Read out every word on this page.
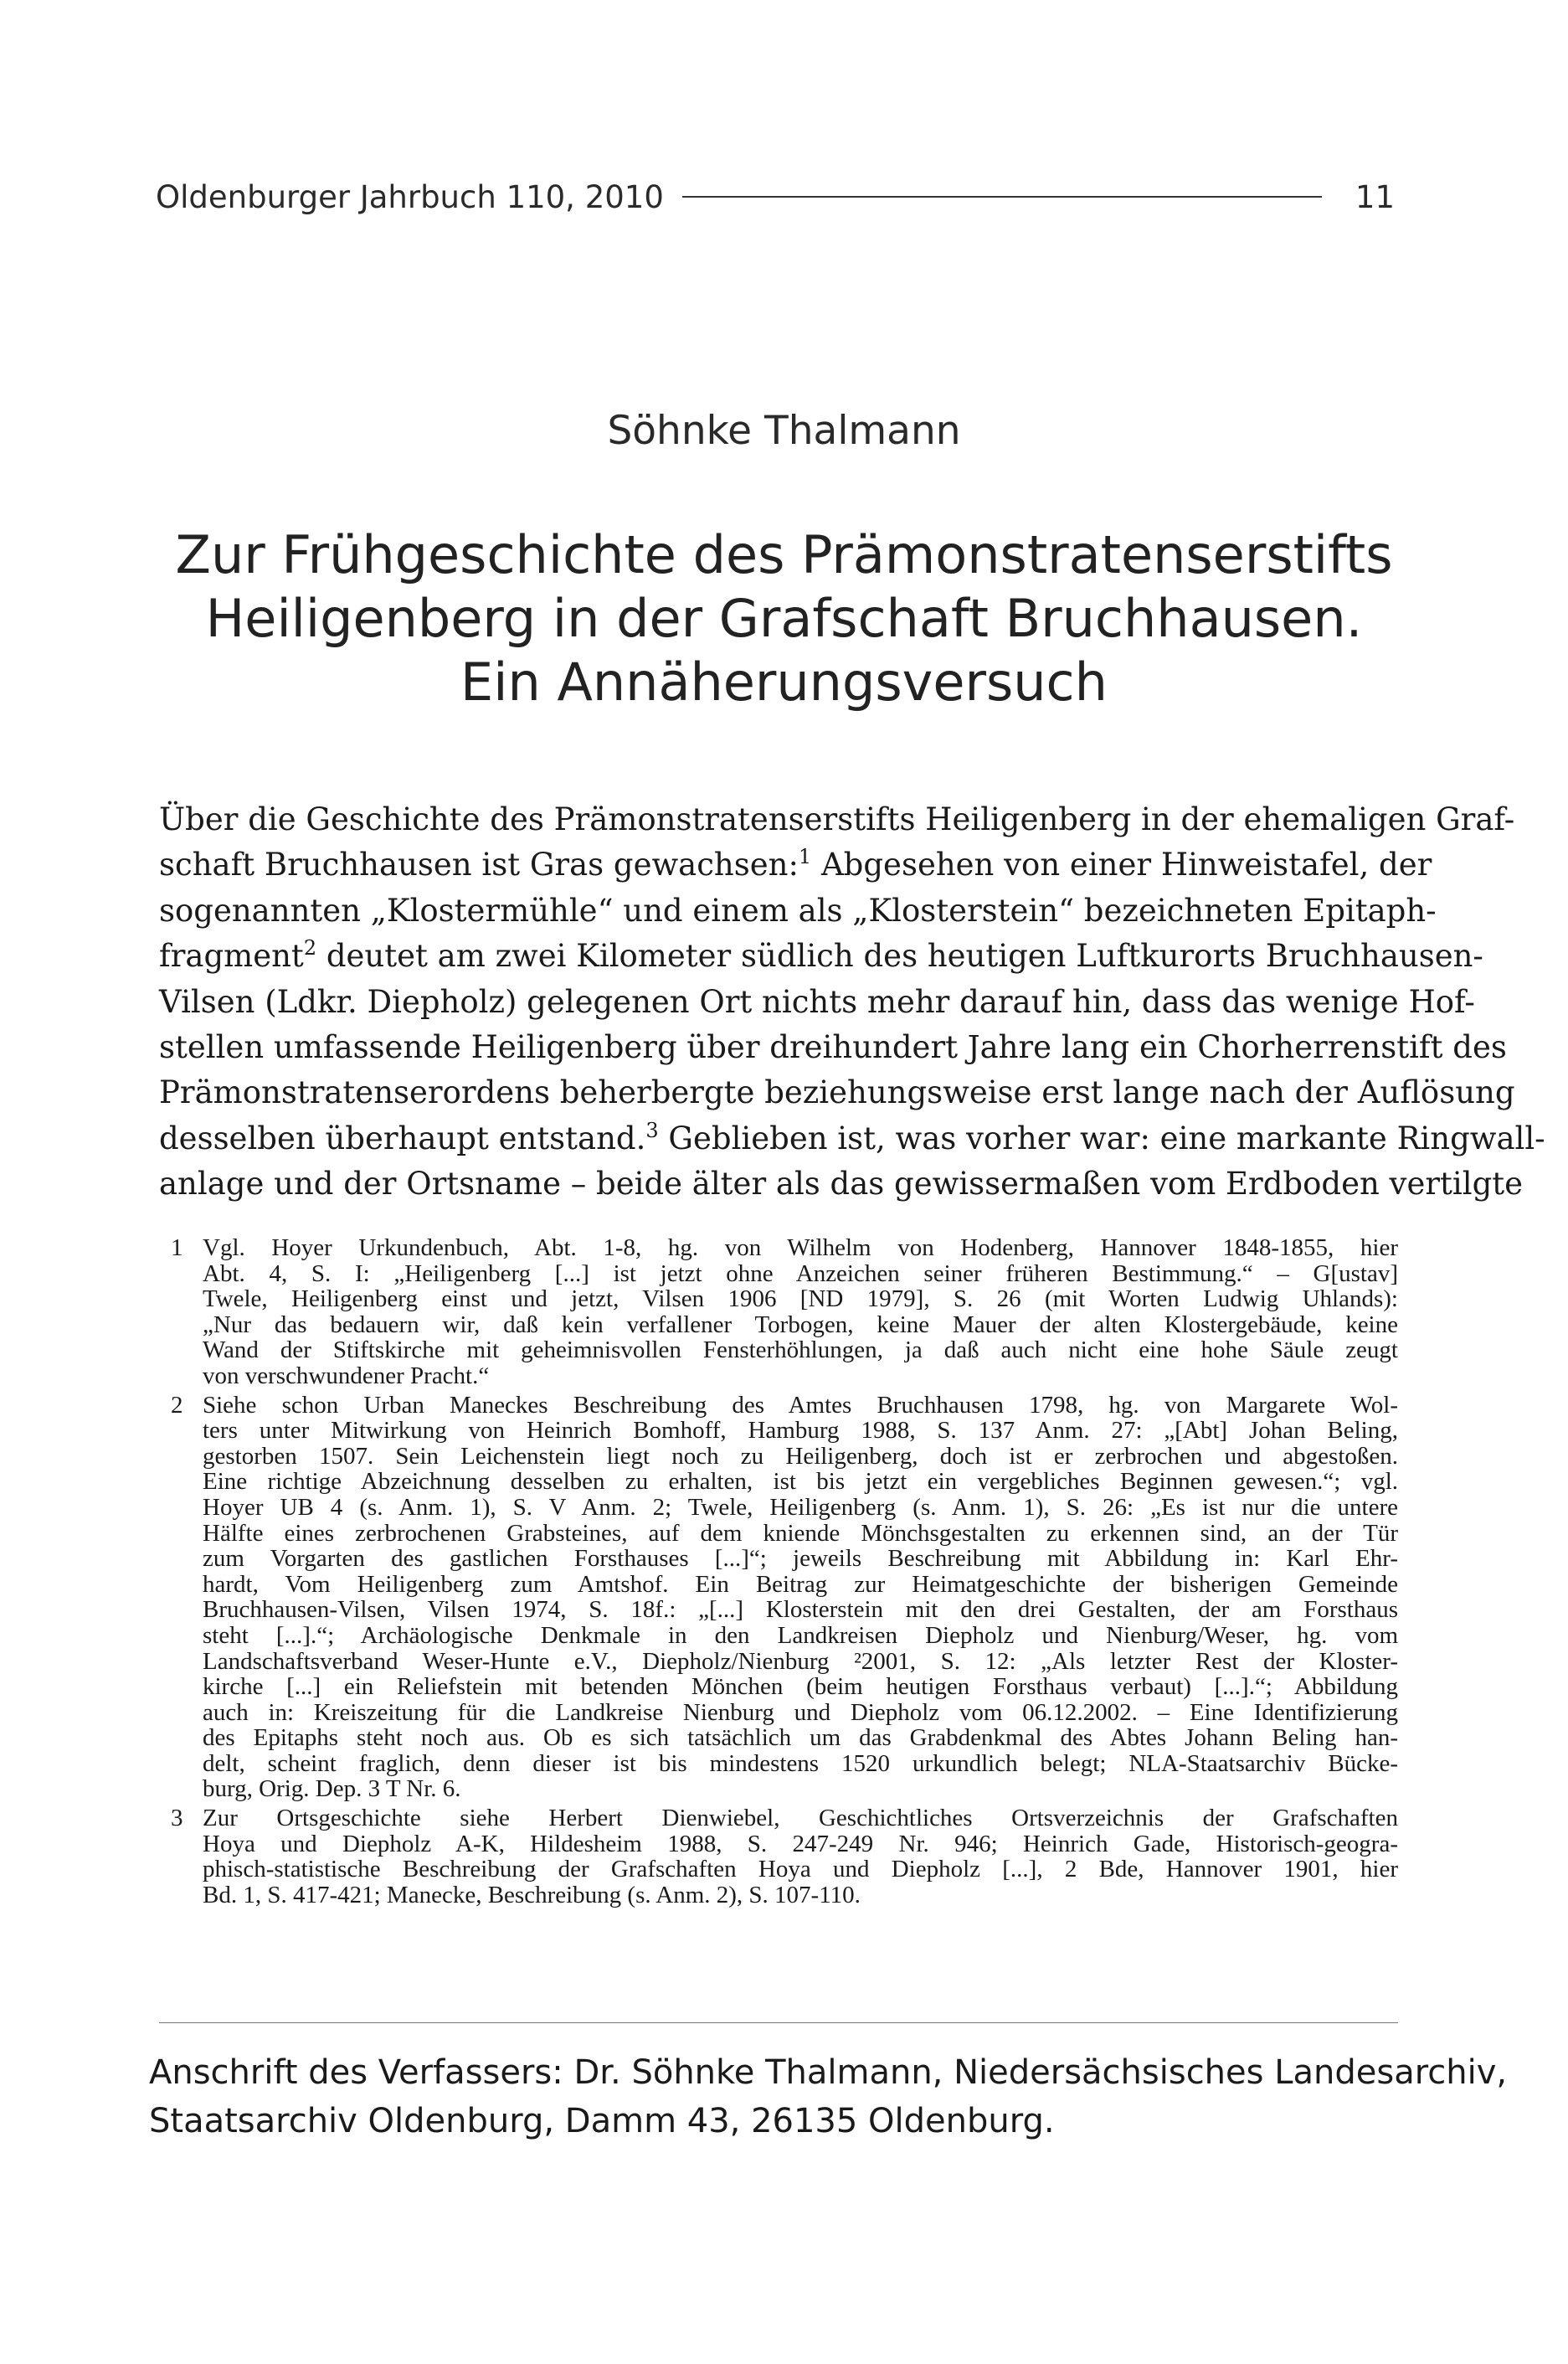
Oldenburger Jahrbuch 110, 2010	11
Söhnke Thalmann
Zur Frühgeschichte des Prämonstratenserstifts
Heiligenberg in der Grafschaft Bruchhausen.
Ein Annäherungsversuch
Über die Geschichte des Prämonstratenserstifts Heiligenberg in der ehemaligen Graf-
schaft Bruchhausen ist Gras gewachsen:$^1$ Abgesehen von einer Hinweistafel, der
sogenannten „Klostermühle“ und einem als „Klosterstein“ bezeichneten Epitaph-
fragment$^2$ deutet am zwei Kilometer südlich des heutigen Luftkurorts Bruchhausen-
Vilsen (Ldkr. Diepholz) gelegenen Ort nichts mehr darauf hin, dass das wenige Hof-
stellen umfassende Heiligenberg über dreihundert Jahre lang ein Chorherrenstift des
Prämonstratenserordens beherbergte beziehungsweise erst lange nach der Auflösung
desselben überhaupt entstand.$^3$ Geblieben ist, was vorher war: eine markante Ringwall-
anlage und der Ortsname – beide älter als das gewissermaßen vom Erdboden vertilgte
1 Vgl. Hoyer Urkundenbuch, Abt. 1-8, hg. von Wilhelm von Hodenberg, Hannover 1848-1855, hier
Abt. 4, S. I: „Heiligenberg [...] ist jetzt ohne Anzeichen seiner früheren Bestimmung.“ – G[ustav]
Twele, Heiligenberg einst und jetzt, Vilsen 1906 [ND 1979], S. 26 (mit Worten Ludwig Uhlands):
„Nur das bedauern wir, daß kein verfallener Torbogen, keine Mauer der alten Klostergebäude, keine
Wand der Stiftskirche mit geheimnisvollen Fensterhöhlungen, ja daß auch nicht eine hohe Säule zeugt
von verschwundener Pracht.“
2 Siehe schon Urban Maneckes Beschreibung des Amtes Bruchhausen 1798, hg. von Margarete Wol-
ters unter Mitwirkung von Heinrich Bomhoff, Hamburg 1988, S. 137 Anm. 27: „[Abt] Johan Beling,
gestorben 1507. Sein Leichenstein liegt noch zu Heiligenberg, doch ist er zerbrochen und abgestoßen.
Eine richtige Abzeichnung desselben zu erhalten, ist bis jetzt ein vergebliches Beginnen gewesen.“; vgl.
Hoyer UB 4 (s. Anm. 1), S. V Anm. 2; Twele, Heiligenberg (s. Anm. 1), S. 26: „Es ist nur die untere
Hälfte eines zerbrochenen Grabsteines, auf dem kniende Mönchsgestalten zu erkennen sind, an der Tür
zum Vorgarten des gastlichen Forsthauses [...]“; jeweils Beschreibung mit Abbildung in: Karl Ehr-
hardt, Vom Heiligenberg zum Amtshof. Ein Beitrag zur Heimatgeschichte der bisherigen Gemeinde
Bruchhausen-Vilsen, Vilsen 1974, S. 18f.: „[...] Klosterstein mit den drei Gestalten, der am Forsthaus
steht [...].“; Archäologische Denkmale in den Landkreisen Diepholz und Nienburg/Weser, hg. vom
Landschaftsverband Weser-Hunte e.V., Diepholz/Nienburg ²2001, S. 12: „Als letzter Rest der Kloster-
kirche [...] ein Reliefstein mit betenden Mönchen (beim heutigen Forsthaus verbaut) [...].“; Abbildung
auch in: Kreiszeitung für die Landkreise Nienburg und Diepholz vom 06.12.2002. – Eine Identifizierung
des Epitaphs steht noch aus. Ob es sich tatsächlich um das Grabdenkmal des Abtes Johann Beling han-
delt, scheint fraglich, denn dieser ist bis mindestens 1520 urkundlich belegt; NLA-Staatsarchiv Bücke-
burg, Orig. Dep. 3 T Nr. 6.
3 Zur Ortsgeschichte siehe Herbert Dienwiebel, Geschichtliches Ortsverzeichnis der Grafschaften
Hoya und Diepholz A-K, Hildesheim 1988, S. 247-249 Nr. 946; Heinrich Gade, Historisch-geogra-
phisch-statistische Beschreibung der Grafschaften Hoya und Diepholz [...], 2 Bde, Hannover 1901, hier
Bd. 1, S. 417-421; Manecke, Beschreibung (s. Anm. 2), S. 107-110.
Anschrift des Verfassers: Dr. Söhnke Thalmann, Niedersächsisches Landesarchiv,
Staatsarchiv Oldenburg, Damm 43, 26135 Oldenburg.
